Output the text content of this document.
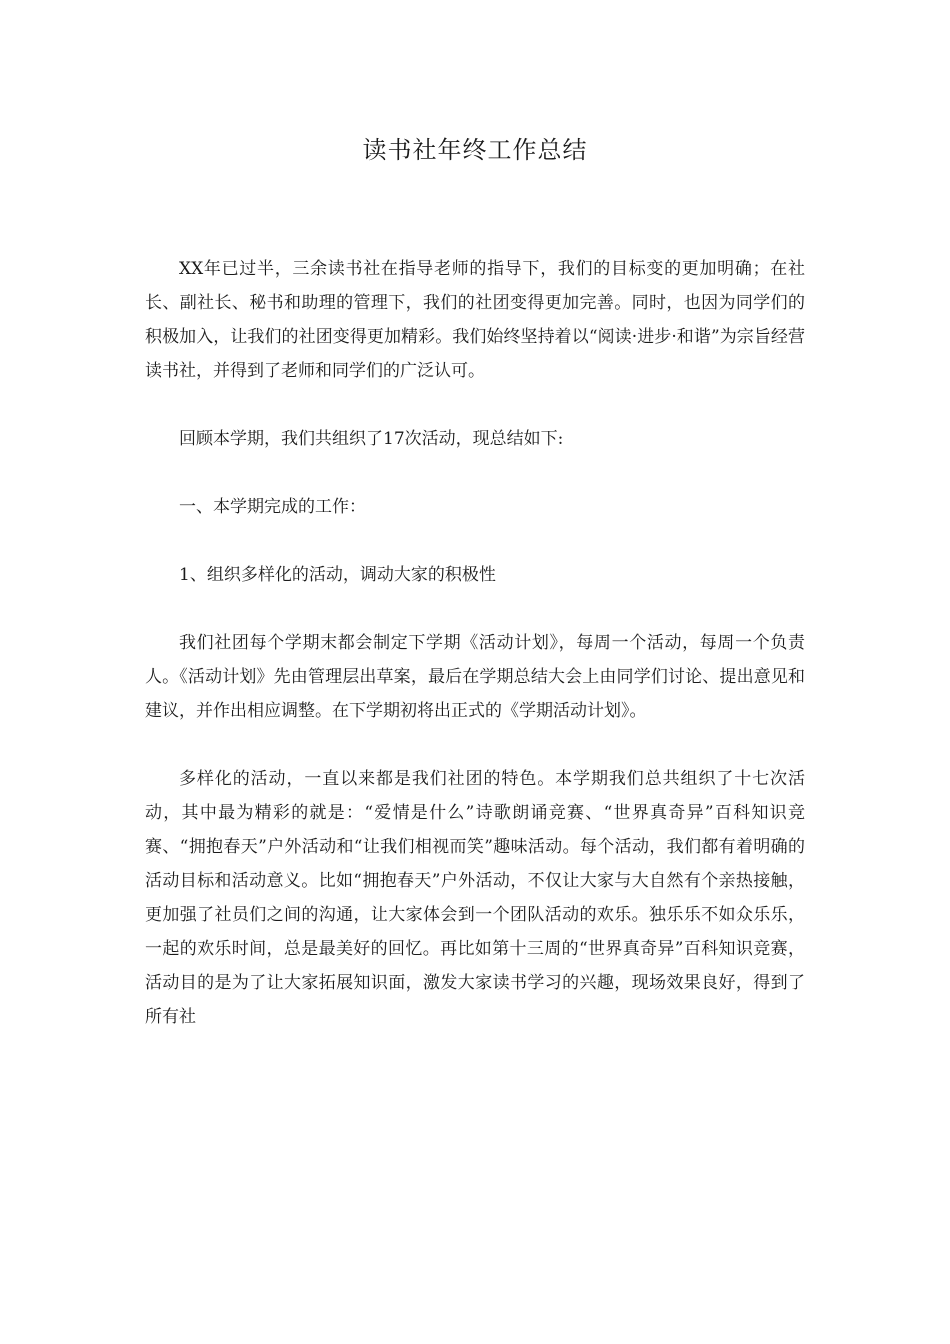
读书社年终工作总结

XX年已过半，三余读书社在指导老师的指导下，我们的目标变的更加明确；在社长、副社长、秘书和助理的管理下，我们的社团变得更加完善。同时，也因为同学们的积极加入，让我们的社团变得更加精彩。我们始终坚持着以“阅读·进步·和谐”为宗旨经营读书社，并得到了老师和同学们的广泛认可。

回顾本学期，我们共组织了17次活动，现总结如下:

一、本学期完成的工作：

1、组织多样化的活动，调动大家的积极性

我们社团每个学期末都会制定下学期《活动计划》，每周一个活动，每周一个负责人。《活动计划》先由管理层出草案，最后在学期总结大会上由同学们讨论、提出意见和建议，并作出相应调整。在下学期初将出正式的《学期活动计划》。

多样化的活动，一直以来都是我们社团的特色。本学期我们总共组织了十七次活动，其中最为精彩的就是：“爱情是什么”诗歌朗诵竞赛、“世界真奇异”百科知识竞赛、“拥抱春天”户外活动和“让我们相视而笑”趣味活动。每个活动，我们都有着明确的活动目标和活动意义。比如“拥抱春天”户外活动，不仅让大家与大自然有个亲热接触，更加强了社员们之间的沟通，让大家体会到一个团队活动的欢乐。独乐乐不如众乐乐，一起的欢乐时间，总是最美好的回忆。再比如第十三周的“世界真奇异”百科知识竞赛，活动目的是为了让大家拓展知识面，激发大家读书学习的兴趣，现场效果良好，得到了所有社
